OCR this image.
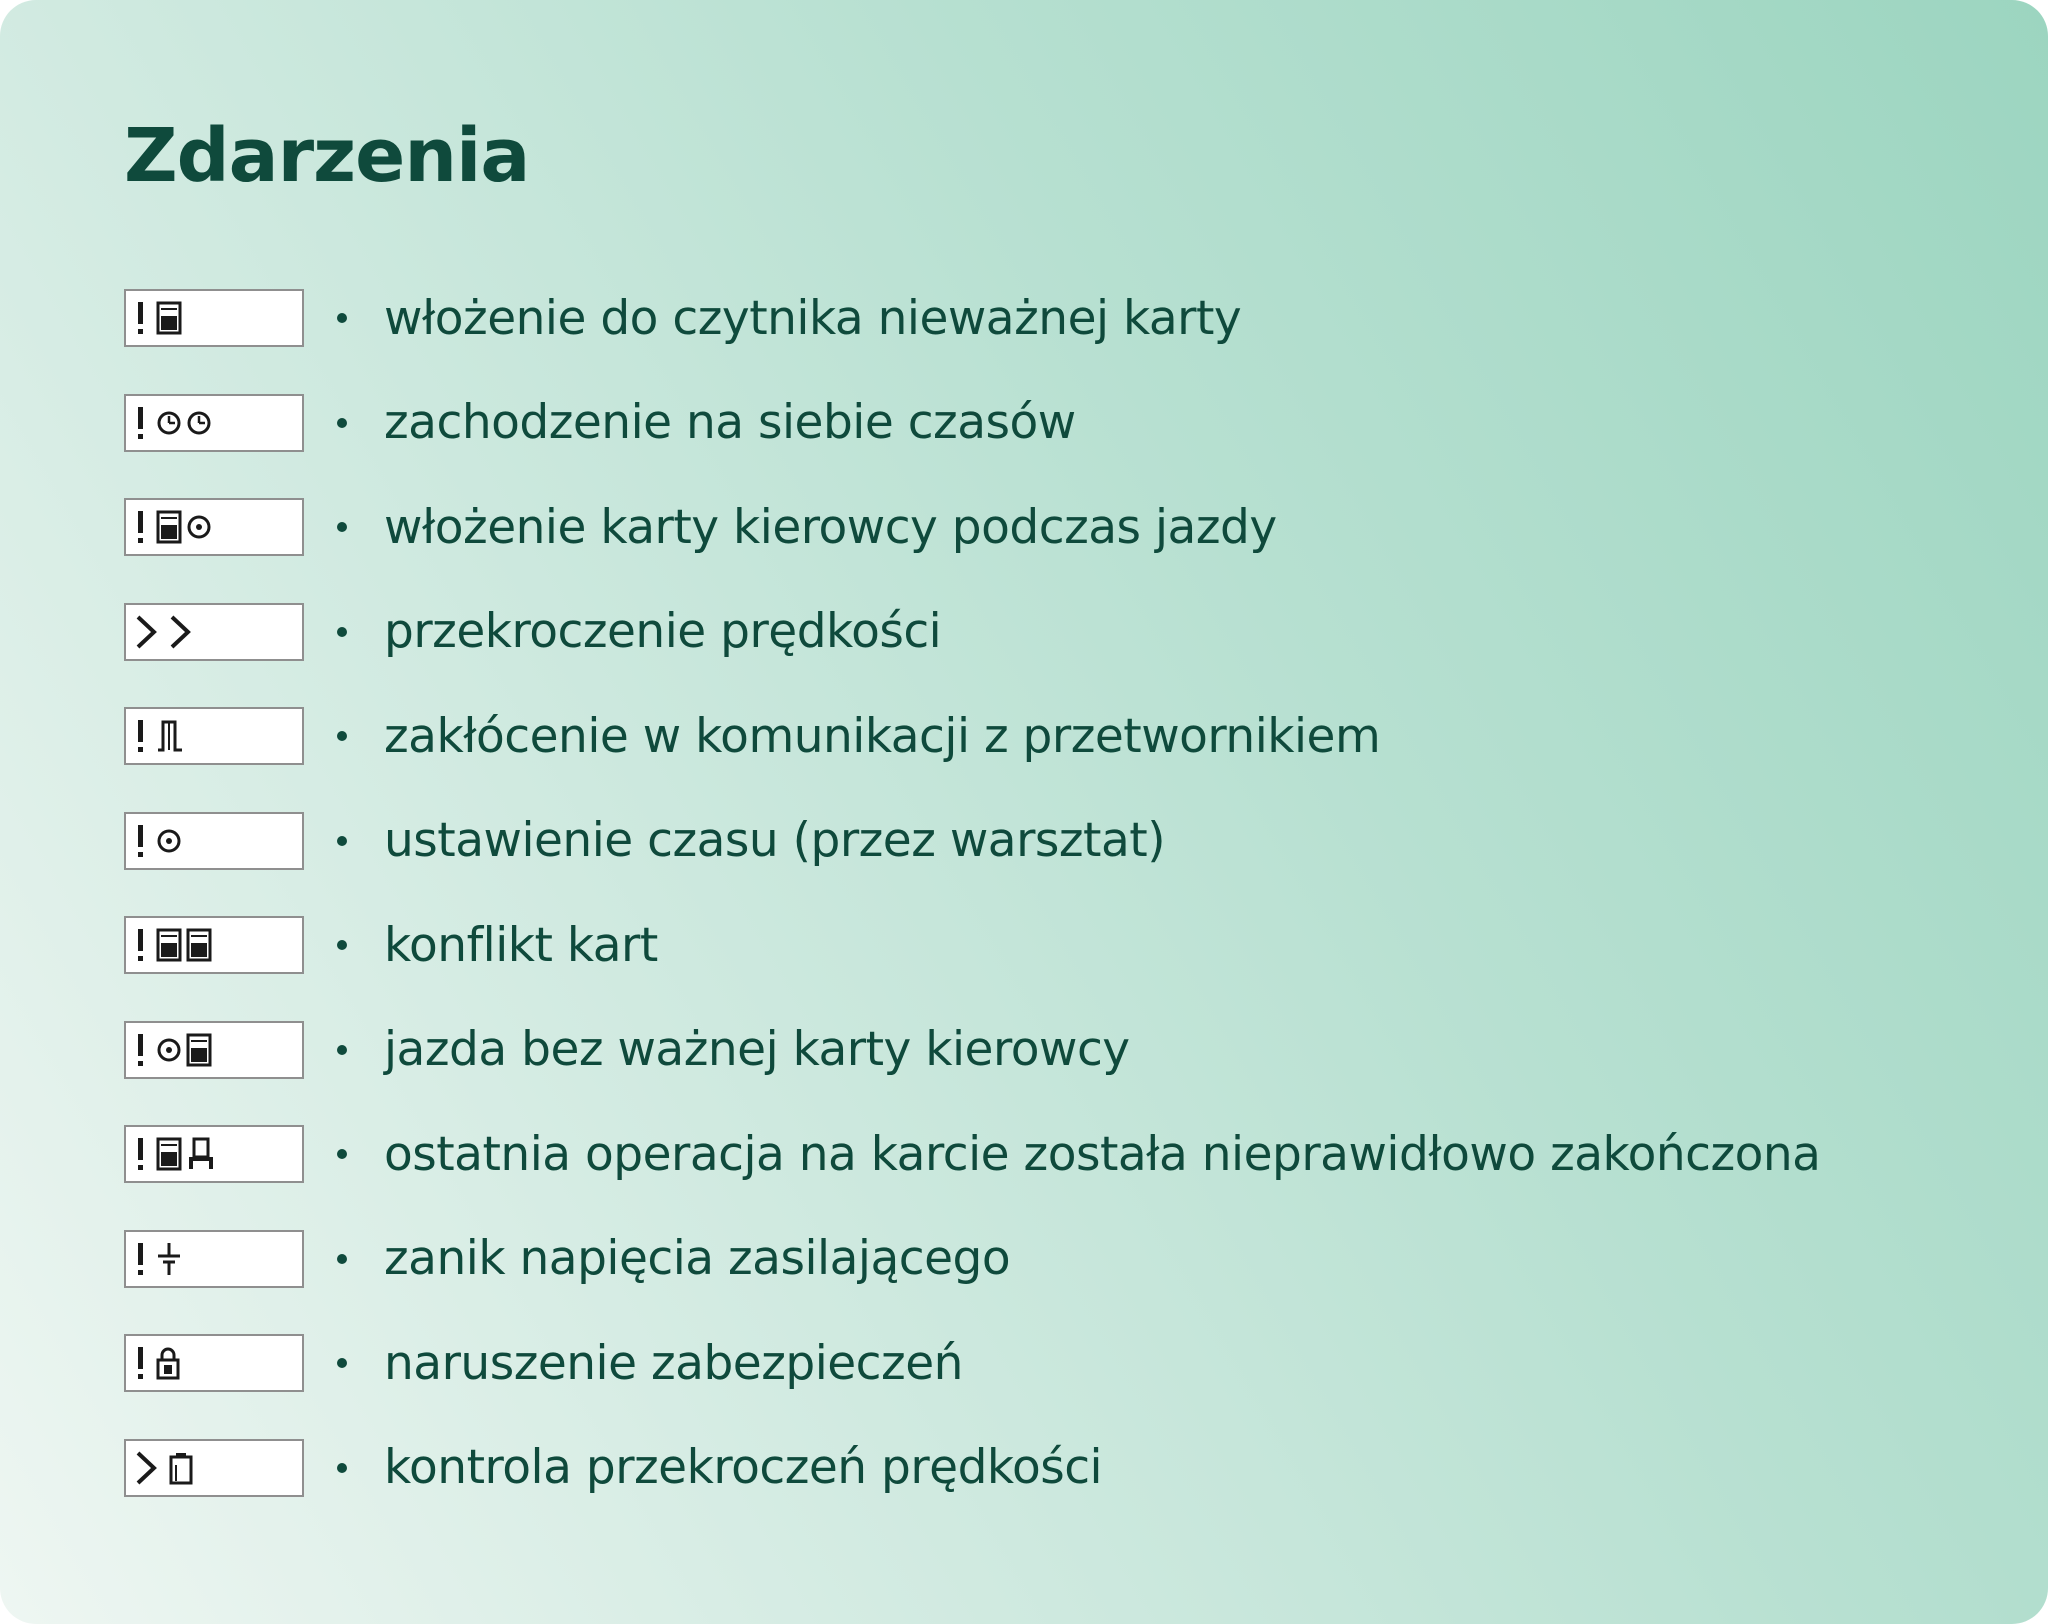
Zdarzenia
włożenie do czytnika nieważnej karty
zachodzenie na siebie czasów
włożenie karty kierowcy podczas jazdy
przekroczenie prędkości
zakłócenie w komunikacji z przetwornikiem
ustawienie czasu (przez warsztat)
konflikt kart
jazda bez ważnej karty kierowcy
ostatnia operacja na karcie została nieprawidłowo zakończona
zanik napięcia zasilającego
naruszenie zabezpieczeń
kontrola przekroczeń prędkości
